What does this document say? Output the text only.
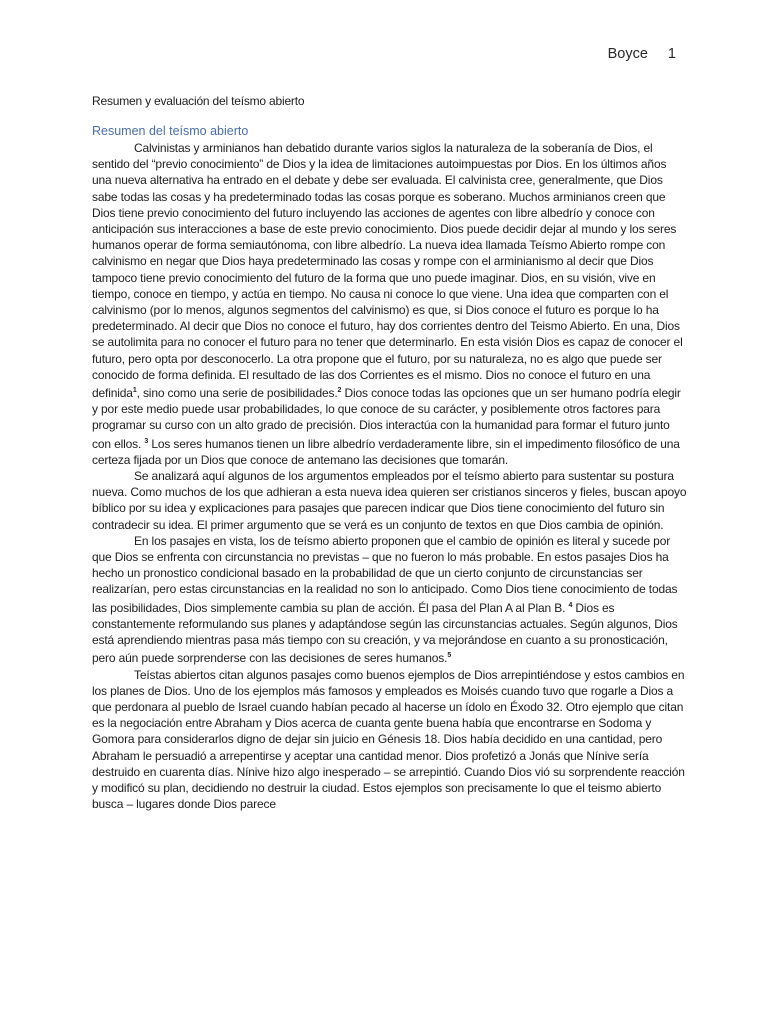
Boyce 1
Resumen y evaluación del teísmo abierto
Resumen del teísmo abierto

Calvinistas y arminianos han debatido durante varios siglos la naturaleza de la soberanía de Dios, el sentido del “previo conocimiento” de Dios y la idea de limitaciones autoimpuestas por Dios. En los últimos años una nueva alternativa ha entrado en el debate y debe ser evaluada. El calvinista cree, generalmente, que Dios sabe todas las cosas y ha predeterminado todas las cosas porque es soberano. Muchos arminianos creen que Dios tiene previo conocimiento del futuro incluyendo las acciones de agentes con libre albedrío y conoce con anticipación sus interacciones a base de este previo conocimiento. Dios puede decidir dejar al mundo y los seres humanos operar de forma semiautónoma, con libre albedrío. La nueva idea llamada Teísmo Abierto rompe con calvinismo en negar que Dios haya predeterminado las cosas y rompe con el arminianismo al decir que Dios tampoco tiene previo conocimiento del futuro de la forma que uno puede imaginar. Dios, en su visión, vive en tiempo, conoce en tiempo, y actúa en tiempo. No causa ni conoce lo que viene. Una idea que comparten con el calvinismo (por lo menos, algunos segmentos del calvinismo) es que, si Dios conoce el futuro es porque lo ha predeterminado. Al decir que Dios no conoce el futuro, hay dos corrientes dentro del Teismo Abierto. En una, Dios se autolimita para no conocer el futuro para no tener que determinarlo. En esta visión Dios es capaz de conocer el futuro, pero opta por desconocerlo. La otra propone que el futuro, por su naturaleza, no es algo que puede ser conocido de forma definida. El resultado de las dos Corrientes es el mismo. Dios no conoce el futuro en una definida$^1$, sino como una serie de posibilidades.$^2$ Dios conoce todas las opciones que un ser humano podría elegir y por este medio puede usar probabilidades, lo que conoce de su carácter, y posiblemente otros factores para programar su curso con un alto grado de precisión. Dios interactúa con la humanidad para formar el futuro junto con ellos. $^3$ Los seres humanos tienen un libre albedrío verdaderamente libre, sin el impedimento filosófico de una certeza fijada por un Dios que conoce de antemano las decisiones que tomarán.

Se analizará aquí algunos de los argumentos empleados por el teísmo abierto para sustentar su postura nueva. Como muchos de los que adhieran a esta nueva idea quieren ser cristianos sinceros y fieles, buscan apoyo bíblico por su idea y explicaciones para pasajes que parecen indicar que Dios tiene conocimiento del futuro sin contradecir su idea. El primer argumento que se verá es un conjunto de textos en que Dios cambia de opinión.

En los pasajes en vista, los de teísmo abierto proponen que el cambio de opinión es literal y sucede por que Dios se enfrenta con circunstancia no previstas – que no fueron lo más probable. En estos pasajes Dios ha hecho un pronostico condicional basado en la probabilidad de que un cierto conjunto de circunstancias ser realizarían, pero estas circunstancias en la realidad no son lo anticipado. Como Dios tiene conocimiento de todas las posibilidades, Dios simplemente cambia su plan de acción. Él pasa del Plan A al Plan B. $^4$ Dios es constantemente reformulando sus planes y adaptándose según las circunstancias actuales. Según algunos, Dios está aprendiendo mientras pasa más tiempo con su creación, y va mejorándose en cuanto a su pronosticación, pero aún puede sorprenderse con las decisiones de seres humanos.$^5$

Teístas abiertos citan algunos pasajes como buenos ejemplos de Dios arrepintiéndose y estos cambios en los planes de Dios. Uno de los ejemplos más famosos y empleados es Moisés cuando tuvo que rogarle a Dios a que perdonara al pueblo de Israel cuando habían pecado al hacerse un ídolo en Éxodo 32. Otro ejemplo que citan es la negociación entre Abraham y Dios acerca de cuanta gente buena había que encontrarse en Sodoma y Gomora para considerarlos digno de dejar sin juicio en Génesis 18. Dios había decidido en una cantidad, pero Abraham le persuadió a arrepentirse y aceptar una cantidad menor. Dios profetizó a Jonás que Nínive sería destruido en cuarenta días. Nínive hizo algo inesperado – se arrepintió. Cuando Dios vió su sorprendente reacción y modificó su plan, decidiendo no destruir la ciudad. Estos ejemplos son precisamente lo que el teismo abierto busca – lugares donde Dios parece
